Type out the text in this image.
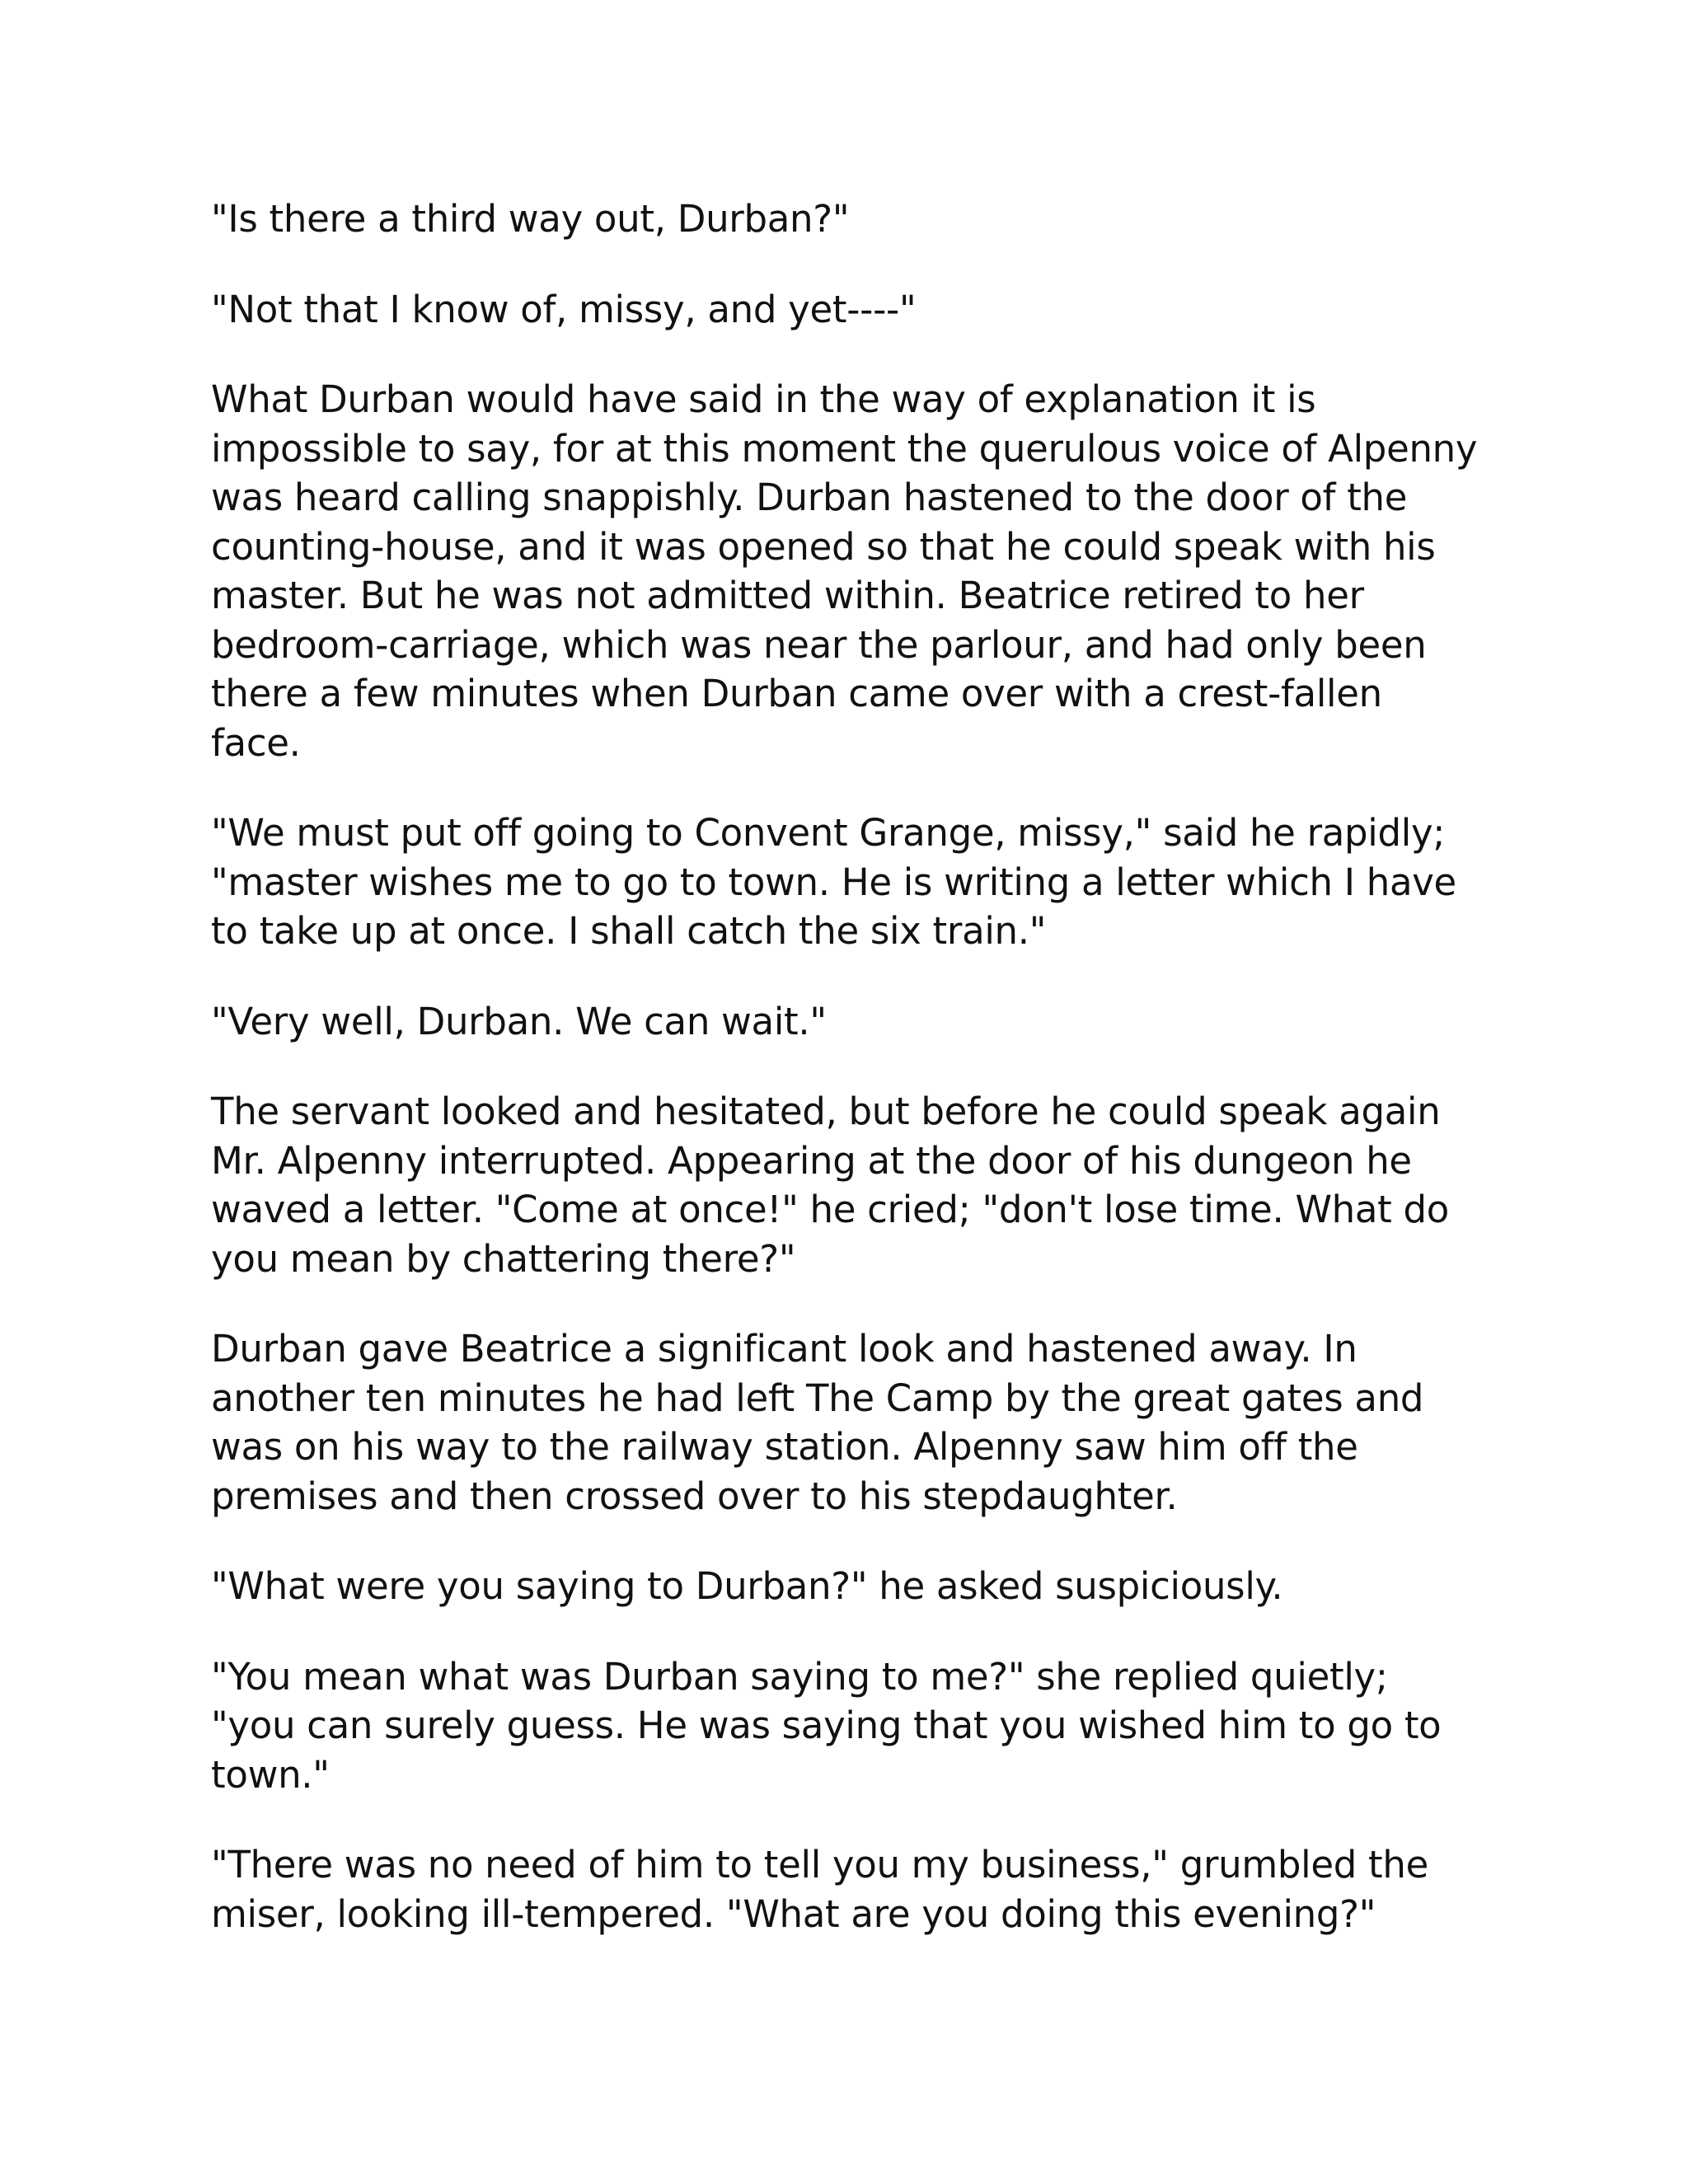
"Is there a third way out, Durban?"

"Not that I know of, missy, and yet----"

What Durban would have said in the way of explanation it is
impossible to say, for at this moment the querulous voice of Alpenny
was heard calling snappishly. Durban hastened to the door of the
counting-house, and it was opened so that he could speak with his
master. But he was not admitted within. Beatrice retired to her
bedroom-carriage, which was near the parlour, and had only been
there a few minutes when Durban came over with a crest-fallen
face.

"We must put off going to Convent Grange, missy," said he rapidly;
"master wishes me to go to town. He is writing a letter which I have
to take up at once. I shall catch the six train."

"Very well, Durban. We can wait."

The servant looked and hesitated, but before he could speak again
Mr. Alpenny interrupted. Appearing at the door of his dungeon he
waved a letter. "Come at once!" he cried; "don't lose time. What do
you mean by chattering there?"

Durban gave Beatrice a significant look and hastened away. In
another ten minutes he had left The Camp by the great gates and
was on his way to the railway station. Alpenny saw him off the
premises and then crossed over to his stepdaughter.

"What were you saying to Durban?" he asked suspiciously.

"You mean what was Durban saying to me?" she replied quietly;
"you can surely guess. He was saying that you wished him to go to
town."

"There was no need of him to tell you my business," grumbled the
miser, looking ill-tempered. "What are you doing this evening?"
